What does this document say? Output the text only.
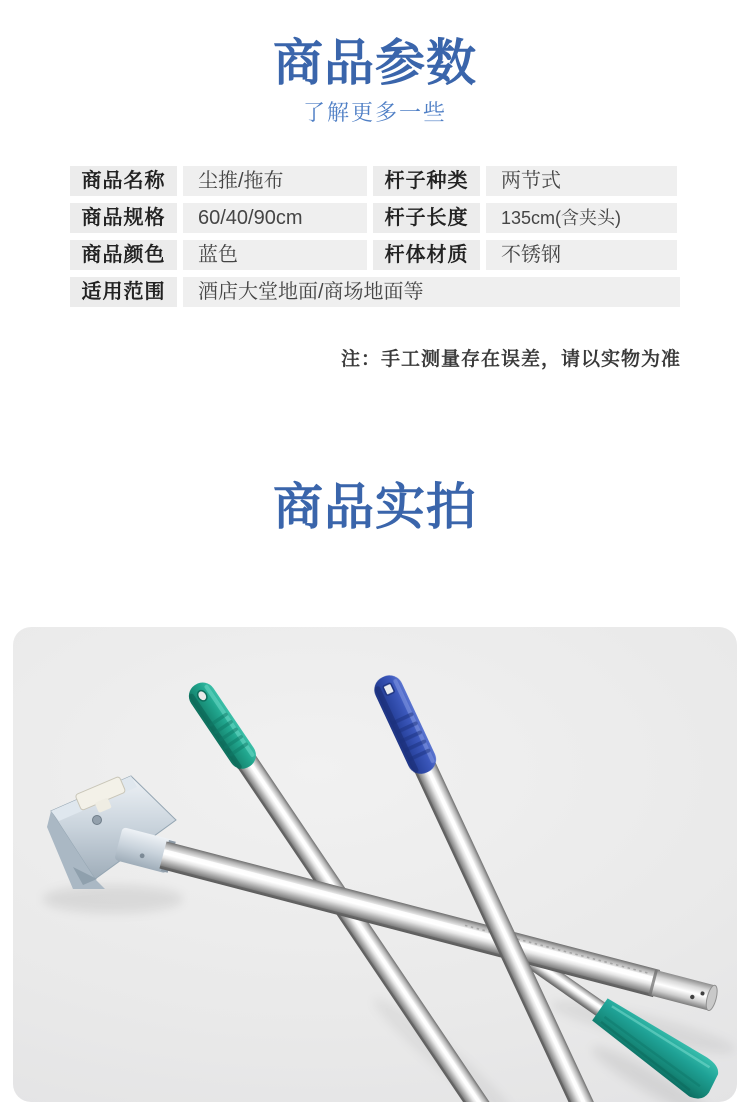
商品参数
了解更多一些
商品名称	尘推/拖布	杆子种类	两节式
商品规格	60/40/90cm	杆子长度	135cm(含夹头)
商品颜色	蓝色	杆体材质	不锈钢
适用范围	酒店大堂地面/商场地面等
注：手工测量存在误差，请以实物为准
商品实拍
